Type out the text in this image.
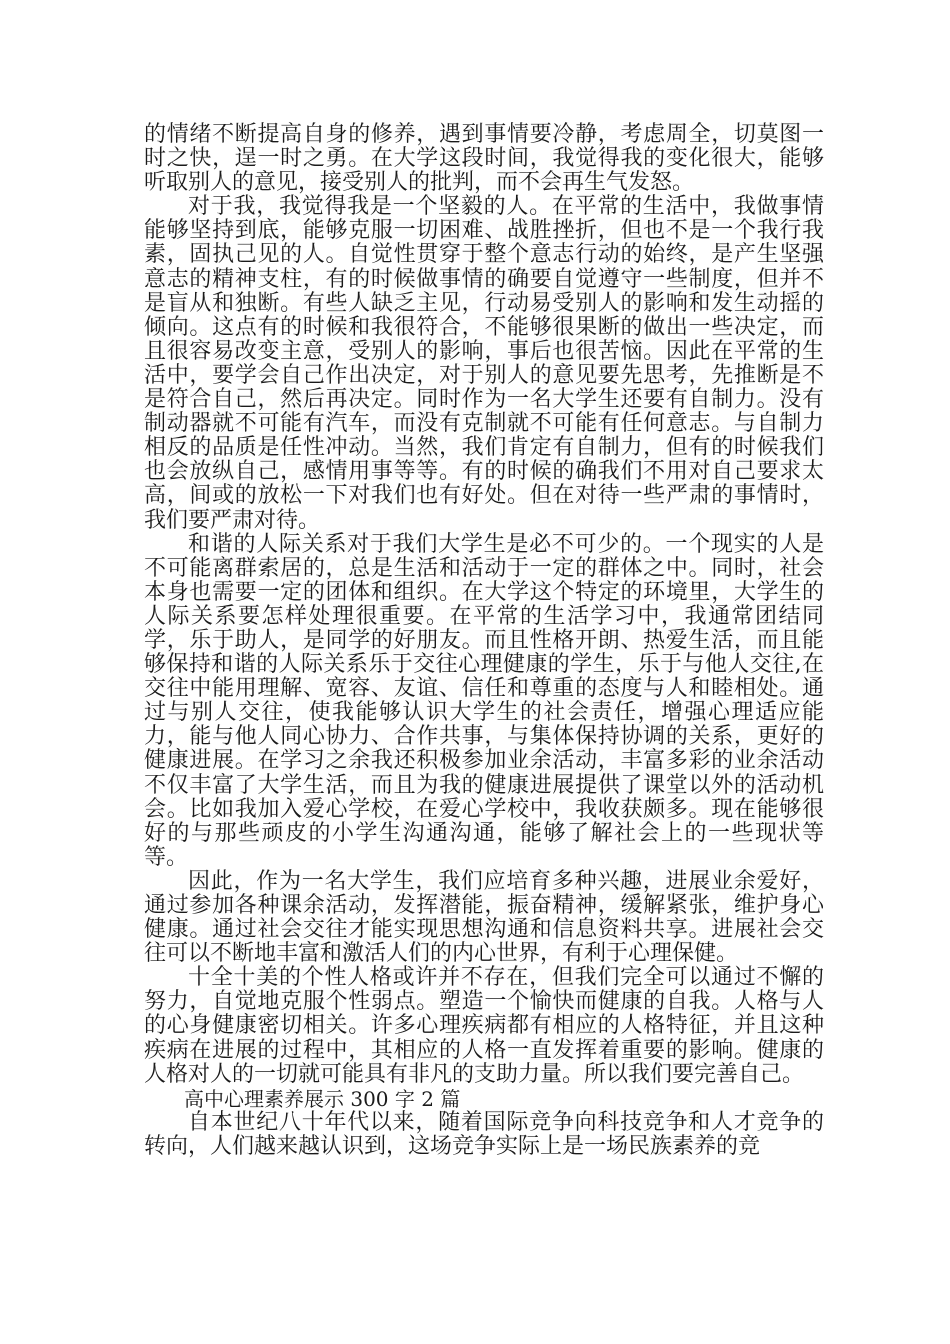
的情绪不断提高自身的修养，遇到事情要冷静，考虑周全，切莫图一时之快，逞一时之勇。在大学这段时间，我觉得我的变化很大，能够听取别人的意见，接受别人的批判，而不会再生气发怒。

对于我，我觉得我是一个坚毅的人。在平常的生活中，我做事情能够坚持到底，能够克服一切困难、战胜挫折，但也不是一个我行我素，固执己见的人。自觉性贯穿于整个意志行动的始终，是产生坚强意志的精神支柱，有的时候做事情的确要自觉遵守一些制度，但并不是盲从和独断。有些人缺乏主见，行动易受别人的影响和发生动摇的倾向。这点有的时候和我很符合，不能够很果断的做出一些决定，而且很容易改变主意，受别人的影响，事后也很苦恼。因此在平常的生活中，要学会自己作出决定，对于别人的意见要先思考，先推断是不是符合自己，然后再决定。同时作为一名大学生还要有自制力。没有制动器就不可能有汽车，而没有克制就不可能有任何意志。与自制力相反的品质是任性冲动。当然，我们肯定有自制力，但有的时候我们也会放纵自己，感情用事等等。有的时候的确我们不用对自己要求太高，间或的放松一下对我们也有好处。但在对待一些严肃的事情时，我们要严肃对待。

和谐的人际关系对于我们大学生是必不可少的。一个现实的人是不可能离群索居的，总是生活和活动于一定的群体之中。同时，社会本身也需要一定的团体和组织。在大学这个特定的环境里，大学生的人际关系要怎样处理很重要。在平常的生活学习中，我通常团结同学，乐于助人，是同学的好朋友。而且性格开朗、热爱生活，而且能够保持和谐的人际关系乐于交往心理健康的学生，乐于与他人交往,在交往中能用理解、宽容、友谊、信任和尊重的态度与人和睦相处。通过与别人交往，使我能够认识大学生的社会责任，增强心理适应能力，能与他人同心协力、合作共事，与集体保持协调的关系，更好的健康进展。在学习之余我还积极参加业余活动，丰富多彩的业余活动不仅丰富了大学生活，而且为我的健康进展提供了课堂以外的活动机会。比如我加入爱心学校，在爱心学校中，我收获颇多。现在能够很好的与那些顽皮的小学生沟通沟通，能够了解社会上的一些现状等等。

因此，作为一名大学生，我们应培育多种兴趣，进展业余爱好，通过参加各种课余活动，发挥潜能，振奋精神，缓解紧张，维护身心健康。通过社会交往才能实现思想沟通和信息资料共享。进展社会交往可以不断地丰富和激活人们的内心世界，有利于心理保健。

十全十美的个性人格或许并不存在，但我们完全可以通过不懈的努力，自觉地克服个性弱点。塑造一个愉快而健康的自我。人格与人的心身健康密切相关。许多心理疾病都有相应的人格特征，并且这种疾病在进展的过程中，其相应的人格一直发挥着重要的影响。健康的人格对人的一切就可能具有非凡的支助力量。所以我们要完善自己。

高中心理素养展示 300 字 2 篇

自本世纪八十年代以来，随着国际竞争向科技竞争和人才竞争的转向，人们越来越认识到，这场竞争实际上是一场民族素养的竞
